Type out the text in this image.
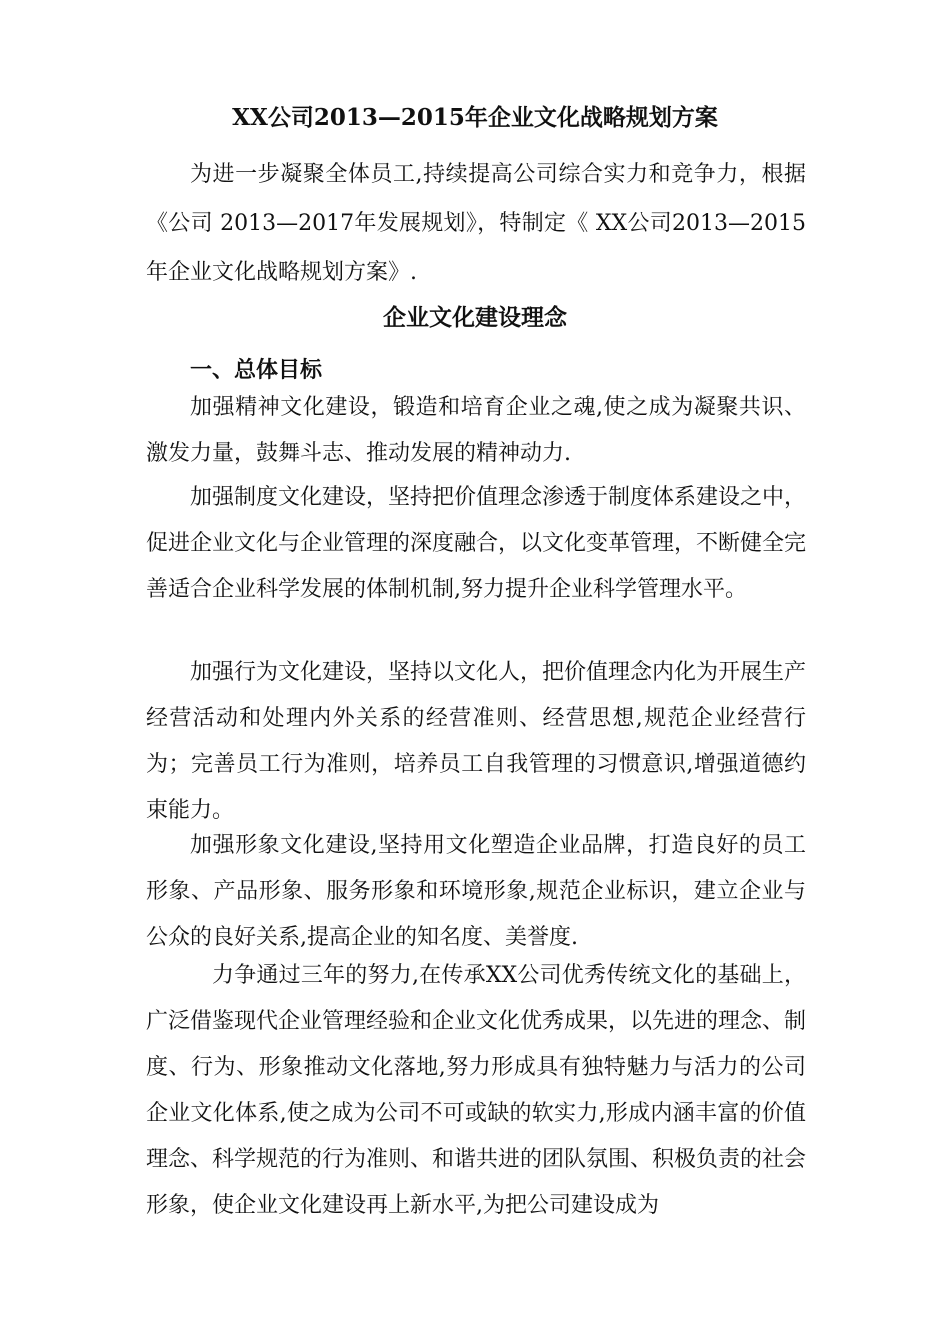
XX公司2013—2015年企业文化战略规划方案

为进一步凝聚全体员工,持续提高公司综合实力和竞争力，根据《公司 2013—2017年发展规划》，特制定《 XX公司2013—2015年企业文化战略规划方案》.

企业文化建设理念
一、总体目标

加强精神文化建设，锻造和培育企业之魂,使之成为凝聚共识、激发力量，鼓舞斗志、推动发展的精神动力.

加强制度文化建设，坚持把价值理念渗透于制度体系建设之中，促进企业文化与企业管理的深度融合，以文化变革管理，不断健全完善适合企业科学发展的体制机制,努力提升企业科学管理水平。

加强行为文化建设，坚持以文化人，把价值理念内化为开展生产经营活动和处理内外关系的经营准则、经营思想,规范企业经营行为；完善员工行为准则，培养员工自我管理的习惯意识,增强道德约束能力。

加强形象文化建设,坚持用文化塑造企业品牌，打造良好的员工形象、产品形象、服务形象和环境形象,规范企业标识，建立企业与公众的良好关系,提高企业的知名度、美誉度.

力争通过三年的努力,在传承XX公司优秀传统文化的基础上，广泛借鉴现代企业管理经验和企业文化优秀成果，以先进的理念、制度、行为、形象推动文化落地,努力形成具有独特魅力与活力的公司企业文化体系,使之成为公司不可或缺的软实力,形成内涵丰富的价值理念、科学规范的行为准则、和谐共进的团队氛围、积极负责的社会形象，使企业文化建设再上新水平,为把公司建设成为
